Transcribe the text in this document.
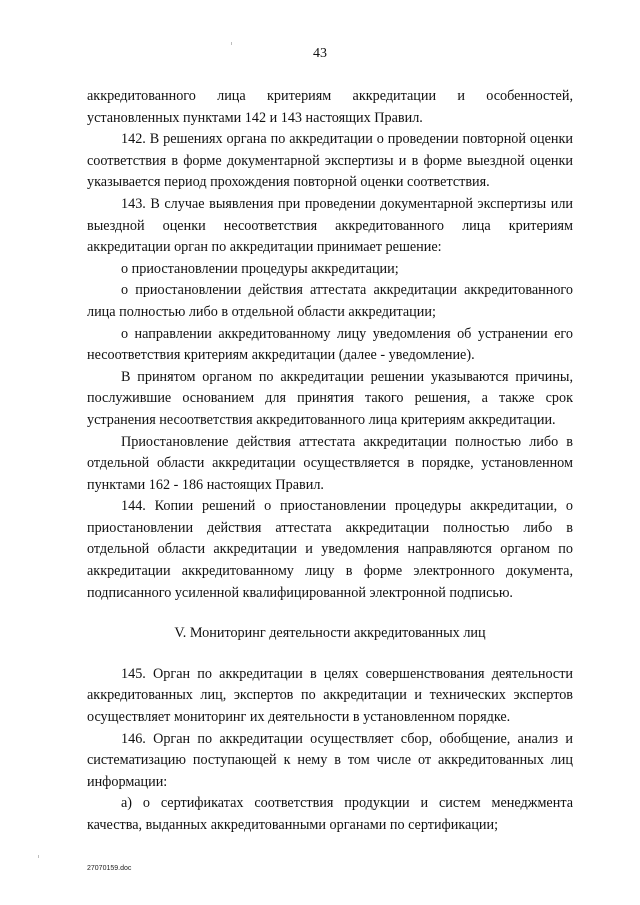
43

аккредитованного лица критериям аккредитации и особенностей, установленных пунктами 142 и 143 настоящих Правил.

142. В решениях органа по аккредитации о проведении повторной оценки соответствия в форме документарной экспертизы и в форме выездной оценки указывается период прохождения повторной оценки соответствия.

143. В случае выявления при проведении документарной экспертизы или выездной оценки несоответствия аккредитованного лица критериям аккредитации орган по аккредитации принимает решение:

о приостановлении процедуры аккредитации;

о приостановлении действия аттестата аккредитации аккредитованного лица полностью либо в отдельной области аккредитации;

о направлении аккредитованному лицу уведомления об устранении его несоответствия критериям аккредитации (далее - уведомление).

В принятом органом по аккредитации решении указываются причины, послужившие основанием для принятия такого решения, а также срок устранения несоответствия аккредитованного лица критериям аккредитации.

Приостановление действия аттестата аккредитации полностью либо в отдельной области аккредитации осуществляется в порядке, установленном пунктами 162 - 186 настоящих Правил.

144. Копии решений о приостановлении процедуры аккредитации, о приостановлении действия аттестата аккредитации полностью либо в отдельной области аккредитации и уведомления направляются органом по аккредитации аккредитованному лицу в форме электронного документа, подписанного усиленной квалифицированной электронной подписью.

V. Мониторинг деятельности аккредитованных лиц

145. Орган по аккредитации в целях совершенствования деятельности аккредитованных лиц, экспертов по аккредитации и технических экспертов осуществляет мониторинг их деятельности в установленном порядке.

146. Орган по аккредитации осуществляет сбор, обобщение, анализ и систематизацию поступающей к нему в том числе от аккредитованных лиц информации:

а) о сертификатах соответствия продукции и систем менеджмента качества, выданных аккредитованными органами по сертификации;

27070159.doc
